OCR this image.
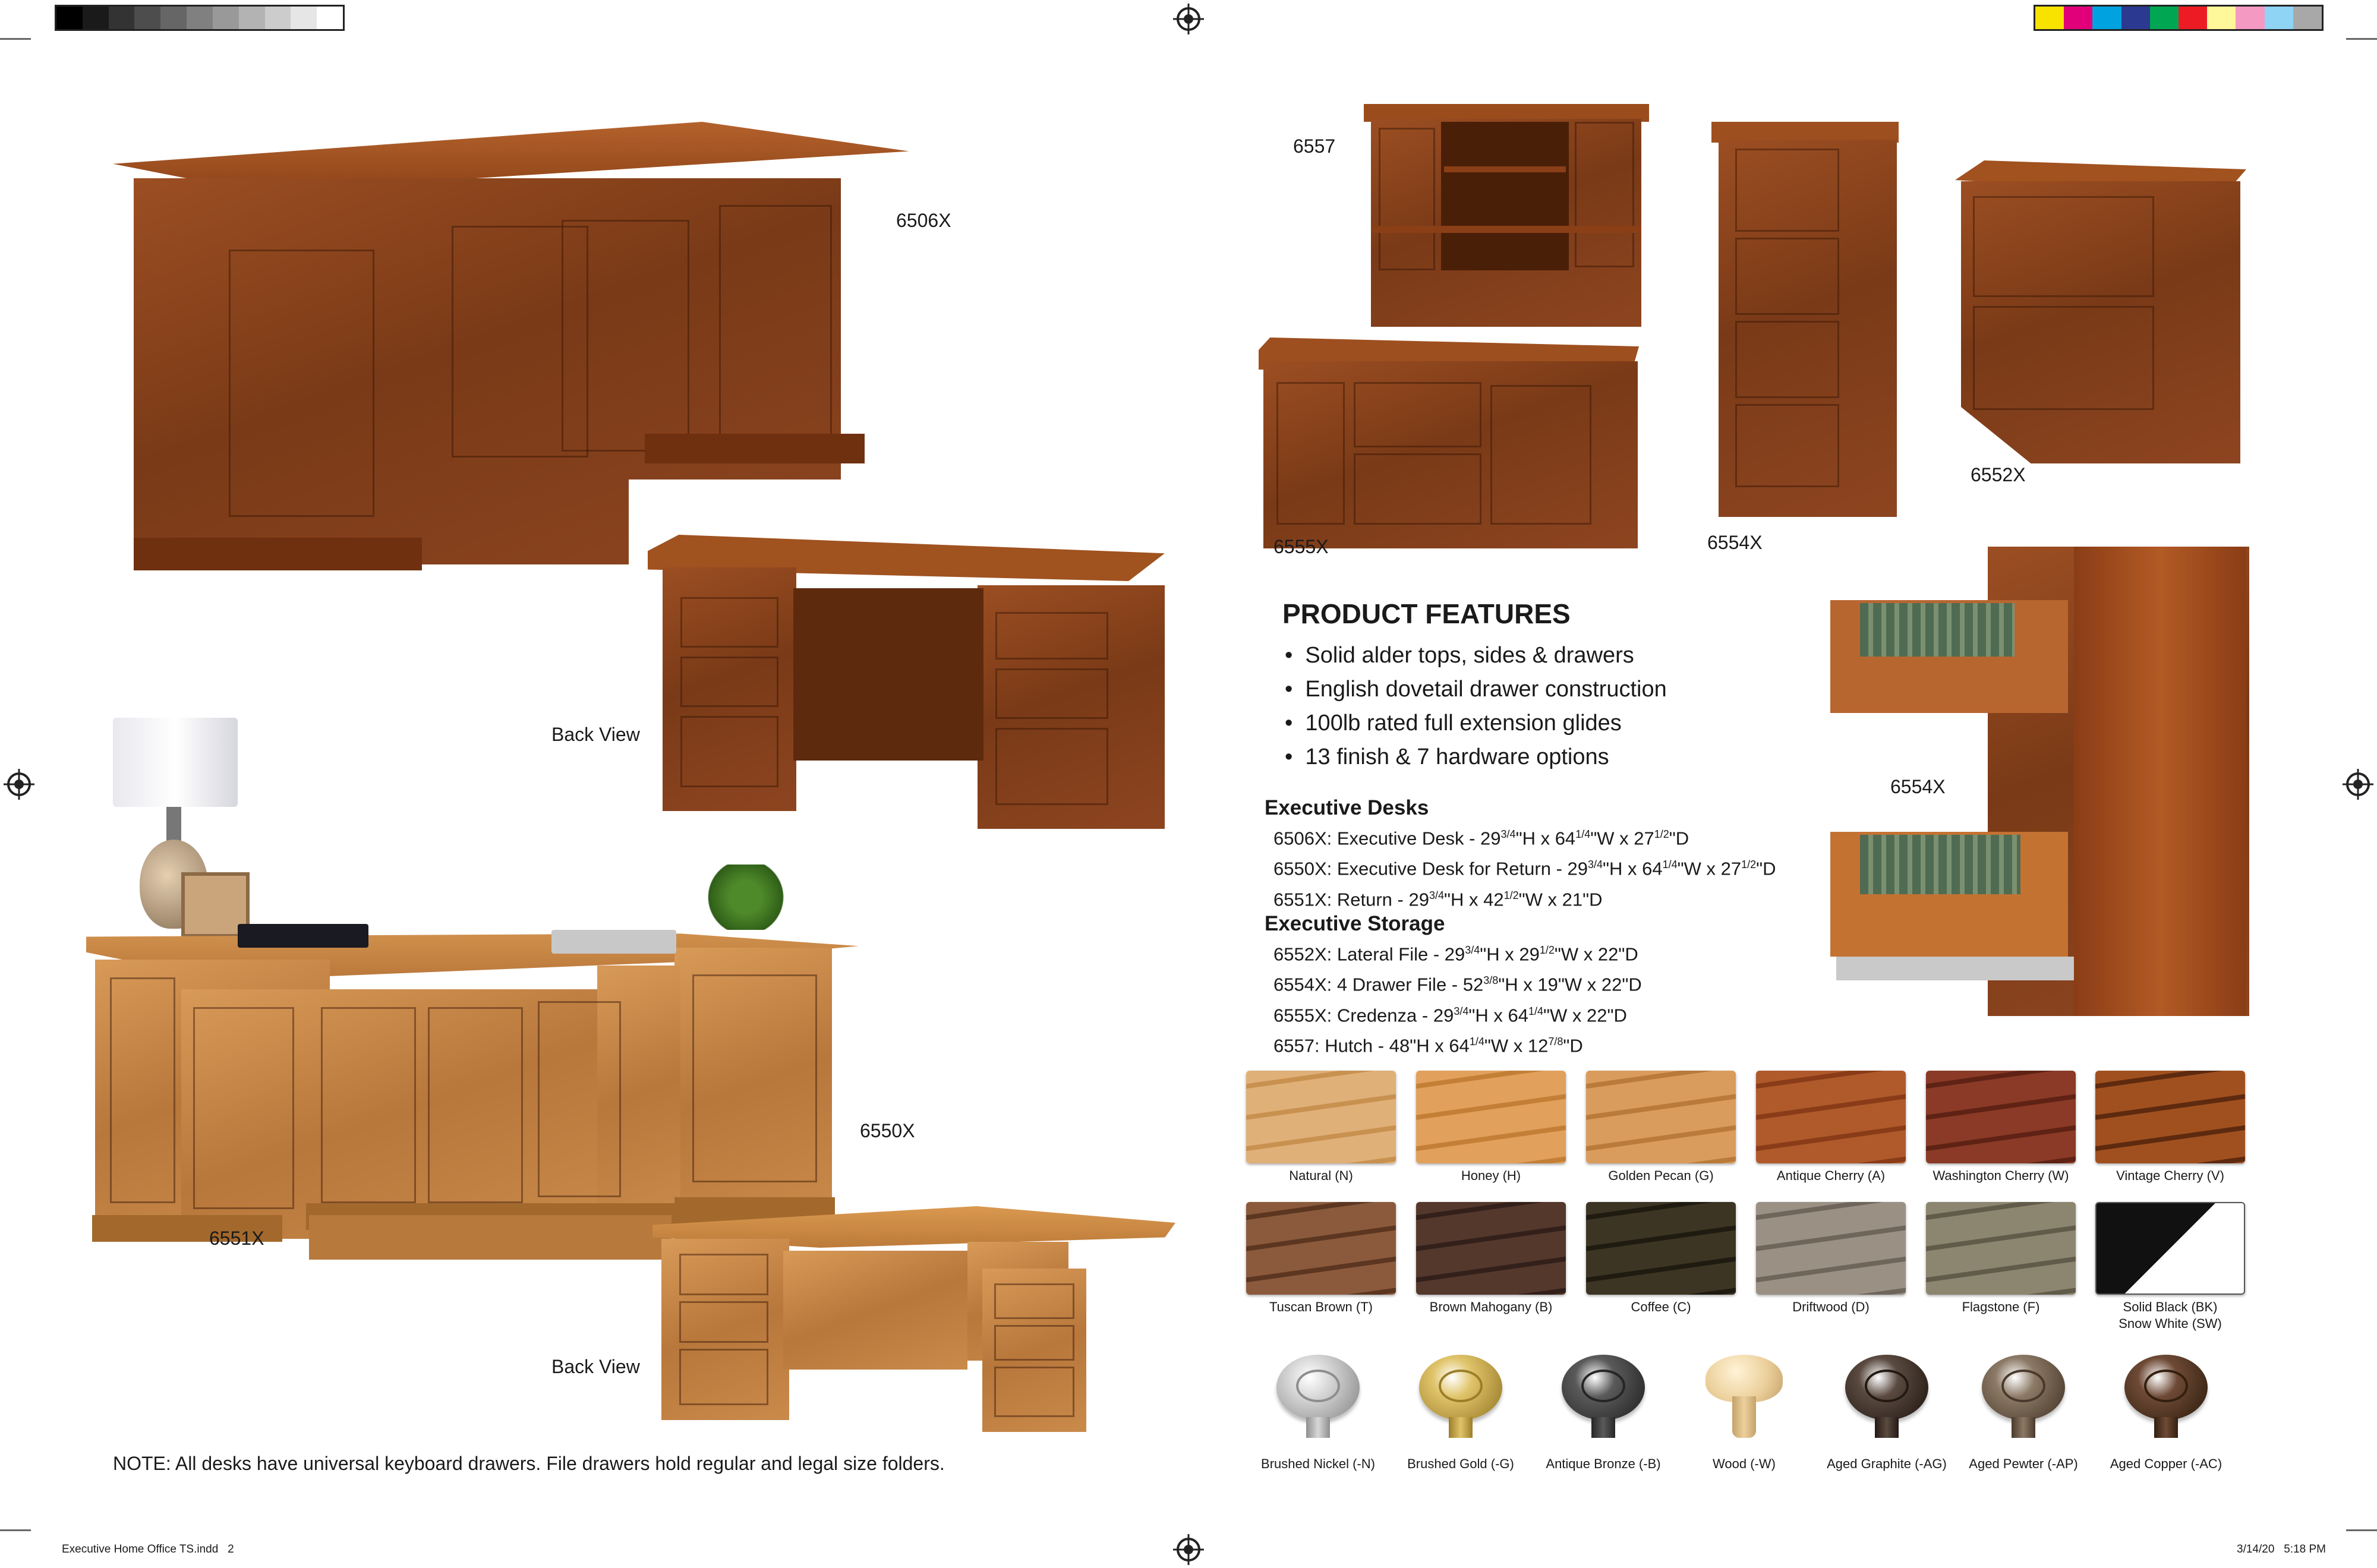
6506X
Back View
6550X
6551X
Back View
NOTE: All desks have universal keyboard drawers. File drawers hold regular and legal size folders.
6557
6555X	6554X
6552X
6554X
PRODUCT FEATURES
•  Solid alder tops, sides & drawers
•  English dovetail drawer construction
•  100lb rated full extension glides
•  13 finish & 7 hardware options
Executive Desks
6506X: Executive Desk - $29^{3/4}"H$ x $64^{1/4}"W$ x $27^{1/2}"D$
6550X: Executive Desk for Return - $29^{3/4}"H$ x $64^{1/4}"W$ x $27^{1/2}"D$
6551X: Return - $29^{3/4}"H$ x $42^{1/2}"W$ x 21"D
Executive Storage
6552X: Lateral File - $29^{3/4}"H$ x $29^{1/2}"W$ x 22"D
6554X: 4 Drawer File - $52^{3/8}"H$ x 19"W x 22"D
6555X: Credenza - $29^{3/4}"H$ x $64^{1/4}"W$ x 22"D
6557: Hutch - 48"H x $64^{1/4}"W$ x $12^{7/8}"D$
Natural (N)	Honey (H)	Golden Pecan (G)	Antique Cherry (A)	Washington Cherry (W)	Vintage Cherry (V)
Tuscan Brown (T)	Brown Mahogany (B)	Coffee (C)	Driftwood (D)	Flagstone (F)	Solid Black (BK)
Snow White (SW)
Brushed Nickel (-N)	Brushed Gold (-G)	Antique Bronze (-B)	Wood (-W)	Aged Graphite (-AG)	Aged Pewter (-AP)	Aged Copper (-AC)
Executive Home Office TS.indd   2	3/14/20   5:18 PM
